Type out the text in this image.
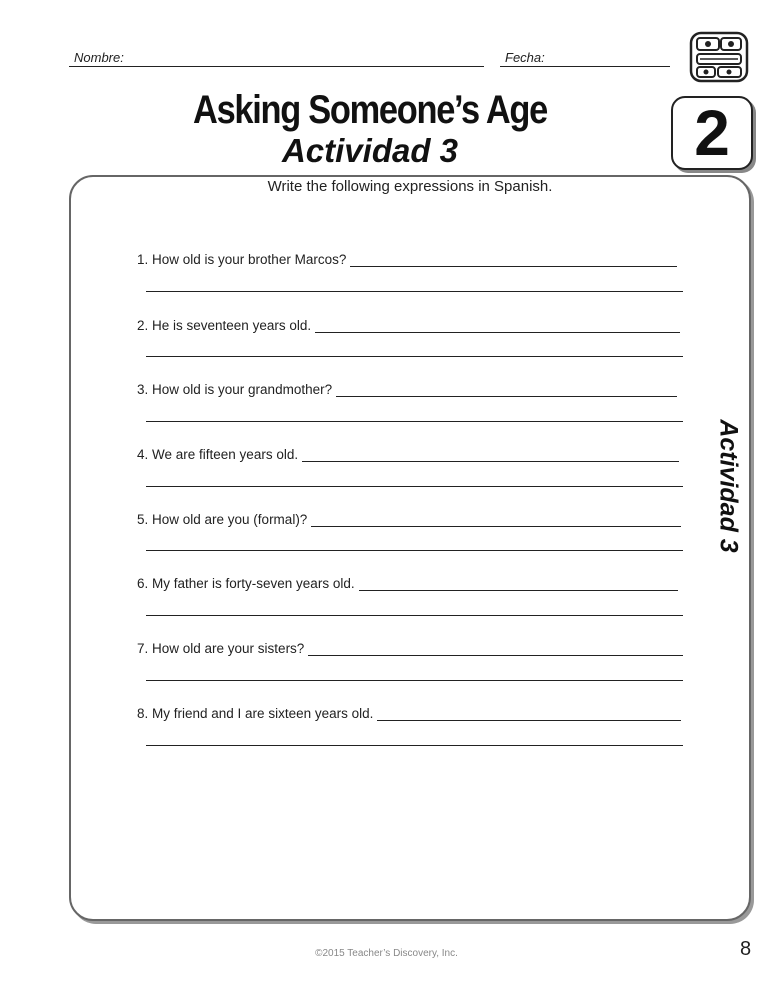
Nombre:	Fecha:
Asking Someone’s Age
Actividad 3	2
Write the following expressions in Spanish.
1. How old is your brother Marcos?
2. He is seventeen years old.
3. How old is your grandmother?
4. We are fifteen years old.
5. How old are you (formal)?
6. My father is forty-seven years old.
7. How old are your sisters?
8. My friend and I are sixteen years old.
Actividad 3
©2015 Teacher’s Discovery, Inc.	8
